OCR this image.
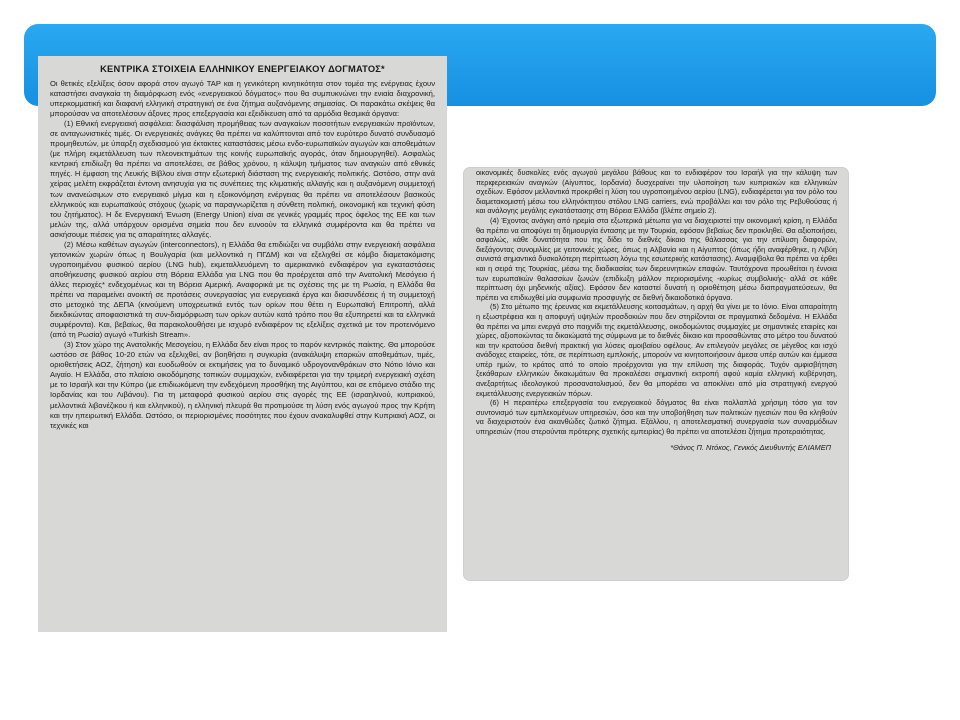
ΚΕΝΤΡΙΚΑ ΣΤΟΙΧΕΙΑ ΕΛΛΗΝΙΚΟΥ ΕΝΕΡΓΕΙΑΚΟΥ ΔΟΓΜΑΤΟΣ*

Οι θετικές εξελίξεις όσον αφορά στον αγωγό TAP και η γενικότερη κινητικότητα στον τομέα της ενέργειας έχουν καταστήσει αναγκαία τη διαμόρφωση ενός «ενεργειακού δόγματος» που θα συμπυκνώνει την ενιαία διαχρονική, υπερκομματική και διαφανή ελληνική στρατηγική σε ένα ζήτημα αυξανόμενης σημασίας. Οι παρακάτω σκέψεις θα μπορούσαν να αποτελέσουν άξονες προς επεξεργασία και εξειδίκευση από τα αρμόδια θεσμικά όργανα:

(1) Εθνική ενεργειακή ασφάλεια: διασφάλιση προμήθειας των αναγκαίων ποσοτήτων ενεργειακών προϊόντων, σε ανταγωνιστικές τιμές. Οι ενεργειακές ανάγκες θα πρέπει να καλύπτονται από τον ευρύτερο δυνατό συνδυασμό προμηθευτών, με ύπαρξη σχεδιασμού για έκτακτες καταστάσεις μέσω ενδο-ευρωπαϊκών αγωγών και αποθεμάτων (με πλήρη εκμετάλλευση των πλεονεκτημάτων της κοινής ευρωπαϊκής αγοράς, όταν δημιουργηθεί). Ασφαλώς κεντρική επιδίωξη θα πρέπει να αποτελέσει, σε βάθος χρόνου, η κάλυψη τμήματος των αναγκών από εθνικές πηγές. Η έμφαση της Λευκής Βίβλου είναι στην εξωτερική διάσταση της ενεργειακής πολιτικής. Ωστόσο, στην ανά χείρας μελέτη εκφράζεται έντονη ανησυχία για τις συνέπειες της κλιματικής αλλαγής και η αυξανόμενη συμμετοχή των ανανεώσιμων στο ενεργειακό μίγμα και η εξοικονόμηση ενέργειας θα πρέπει να αποτελέσουν βασικούς ελληνικούς και ευρωπαϊκούς στόχους (χωρίς να παραγνωρίζεται η σύνθετη πολιτική, οικονομική και τεχνική φύση του ζητήματος). Η δε Ενεργειακή Ένωση (Energy Union) είναι σε γενικές γραμμές προς όφελος της ΕΕ και των μελών της, αλλά υπάρχουν ορισμένα σημεία που δεν ευνοούν τα ελληνικά συμφέροντα και θα πρέπει να ασκήσουμε πιέσεις για τις απαραίτητες αλλαγές.

(2) Μέσω καθέτων αγωγών (interconnectors), η Ελλάδα θα επιδιώξει να συμβάλει στην ενεργειακή ασφάλεια γειτονικών χωρών όπως η Βουλγαρία (και μελλοντικά η ΠΓΔΜ) και να εξελιχθεί σε κόμβο διαμετακόμισης υγροποιημένου φυσικού αερίου (LNG hub), εκμεταλλευόμενη το αμερικανικό ενδιαφέρον για εγκαταστάσεις αποθήκευσης φυσικού αερίου στη Βόρεια Ελλάδα για LNG που θα προέρχεται από την Ανατολική Μεσόγειο ή άλλες περιοχές* ενδεχομένως και τη Βόρεια Αμερική. Αναφορικά με τις σχέσεις της με τη Ρωσία, η Ελλάδα θα πρέπει να παραμείνει ανοικτή σε προτάσεις συνεργασίας για ενεργειακά έργα και διασυνδέσεις ή τη συμμετοχή στο μετοχικό της ΔΕΠΑ (κινούμενη υποχρεωτικά εντός των ορίων που θέτει η Ευρωπαϊκή Επιτροπή, αλλά διεκδικώντας αποφασιστικά τη συν-διαμόρφωση των ορίων αυτών κατά τρόπο που θα εξυπηρετεί και τα ελληνικά συμφέροντα). Και, βεβαίως, θα παρακολουθήσει με ισχυρό ενδιαφέρον τις εξελίξεις σχετικά με τον προτεινόμενο (από τη Ρωσία) αγωγό «Turkish Stream».

(3) Στον χώρο της Ανατολικής Μεσογείου, η Ελλάδα δεν είναι προς το παρόν κεντρικός παίκτης. Θα μπορούσε ωστόσο σε βάθος 10-20 ετών να εξελιχθεί, αν βοηθήσει η συγκυρία (ανακάλυψη επαρκών αποθεμάτων, τιμές, οριοθετήσεις ΑΟΖ, ζήτηση) και ευοδωθούν οι εκτιμήσεις για το δυναμικό υδρογονανθράκων στο Νότιο Ιόνιο και Αιγαίο. Η Ελλάδα, στο πλαίσιο οικοδόμησης τοπικών συμμαχιών, ενδιαφέρεται για την τριμερή ενεργειακή σχέση με το Ισραήλ και την Κύπρο (με επιδιωκόμενη την ενδεχόμενη προσθήκη της Αιγύπτου, και σε επόμενο στάδιο της Ιορδανίας και του Λιβάνου). Για τη μεταφορά φυσικού αερίου στις αγορές της ΕΕ (ισραηλινού, κυπριακού, μελλοντικά λιβανέζικου ή και ελληνικού), η ελληνική πλευρά θα προτιμούσε τη λύση ενός αγωγού προς την Κρήτη και την ηπειρωτική Ελλάδα. Ωστόσο, οι περιορισμένες ποσότητες που έχουν ανακαλυφθεί στην Κυπριακή ΑΟΖ, οι τεχνικές και

οικονομικές δυσκολίες ενός αγωγού μεγάλου βάθους και το ενδιαφέρον του Ισραήλ για την κάλυψη των περιφερειακών αναγκών (Αίγυπτος, Ιορδανία) δυσχεραίνει την υλοποίηση των κυπριακών και ελληνικών σχεδίων. Εφόσον μελλοντικά προκριθεί η λύση του υγροποιημένου αερίου (LNG), ενδιαφέρεται για τον ρόλο του διαμετακομιστή μέσω του ελληνόκτητου στόλου LNG carriers, ενώ προβάλλει και τον ρόλο της Ρεβυθούσας ή και ανάλογης μεγάλης εγκατάστασης στη Βόρεια Ελλάδα (βλέπε σημείο 2).

(4) Έχοντας ανάγκη από ηρεμία στα εξωτερικά μέτωπα για να διαχειριστεί την οικονομική κρίση, η Ελλάδα θα πρέπει να αποφύγει τη δημιουργία έντασης με την Τουρκία, εφόσον βεβαίως δεν προκληθεί. Θα αξιοποιήσει, ασφαλώς, κάθε δυνατότητα που της δίδει το διεθνές δίκαιο της θάλασσας για την επίλυση διαφορών, διεξάγοντας συνομιλίες με γειτονικές χώρες, όπως η Αλβανία και η Αίγυπτος (όπως ήδη αναφέρθηκε, η Λιβύη συνιστά σημαντικά δυσκολότερη περίπτωση λόγω της εσωτερικής κατάστασης). Αναμφίβολα θα πρέπει να έρθει και η σειρά της Τουρκίας, μέσω της διαδικασίας των διερευνητικών επαφών. Ταυτόχρονα προωθείται η έννοια των ευρωπαϊκών θαλασσίων ζωνών (επιδίωξη μάλλον περιορισμένης -κυρίως συμβολικής- αλλά σε κάθε περίπτωση όχι μηδενικής αξίας). Εφόσον δεν καταστεί δυνατή η οριοθέτηση μέσω διαπραγματεύσεων, θα πρέπει να επιδιωχθεί μία συμφωνία προσφυγής σε διεθνή δικαιοδοτικά όργανα.

(5) Στο μέτωπο της έρευνας και εκμετάλλευσης κοιτασμάτων, η αρχή θα γίνει με το Ιόνιο. Είναι απαραίτητη η εξωστρέφεια και η αποφυγή υψηλών προσδοκιών που δεν στηρίζονται σε πραγματικά δεδομένα. Η Ελλάδα θα πρέπει να μπει ενεργά στο παιχνίδι της εκμετάλλευσης, οικοδομώντας συμμαχίες με σημαντικές εταιρίες και χώρες, αξιοποιώντας τα δικαιώματά της σύμφωνα με το διεθνές δίκαιο και προσαθώντας στο μέτρο του δυνατού και την κρατούσα διεθνή πρακτική για λύσεις αμοιβαίου οφέλους. Αν επιλεγούν μεγάλες σε μέγεθος και ισχύ ανάδοχες εταιρείες, τότε, σε περίπτωση εμπλοκής, μπορούν να κινητοποιήσουν άμεσα υπέρ αυτών και έμμεσα υπέρ ημών, το κράτος από το οποίο προέρχονται για την επίλυση της διαφοράς. Τυχόν αμφισβήτηση ξεκάθαρων ελληνικών δικαιωμάτων θα προκαλέσει σημαντική εκτροπή αφού καμία ελληνική κυβέρνηση, ανεξαρτήτως ιδεολογικού προσανατολισμού, δεν θα μπορέσει να αποκλίνει από μία στρατηγική ενεργού εκμετάλλευσης ενεργειακών πόρων.

(6) Η περαιτέρω επεξεργασία του ενεργειακού δόγματος θα είναι πολλαπλά χρήσιμη τόσο για τον συντονισμό των εμπλεκομένων υπηρεσιών, όσο και την υποβοήθηση των πολιτικών ηγεσιών που θα κληθούν να διαχειριστούν ένα ακανθώδες ζωτικό ζήτημα. Εξάλλου, η αποτελεσματική συνεργασία των συναρμόδιων υπηρεσιών (που στερούνται πρότερης σχετικής εμπειρίας) θα πρέπει να αποτελέσει ζήτημα προτεραιότητας.

*Θάνος Π. Ντόκος, Γενικός Διευθυντής ΕΛΙΑΜΕΠ
